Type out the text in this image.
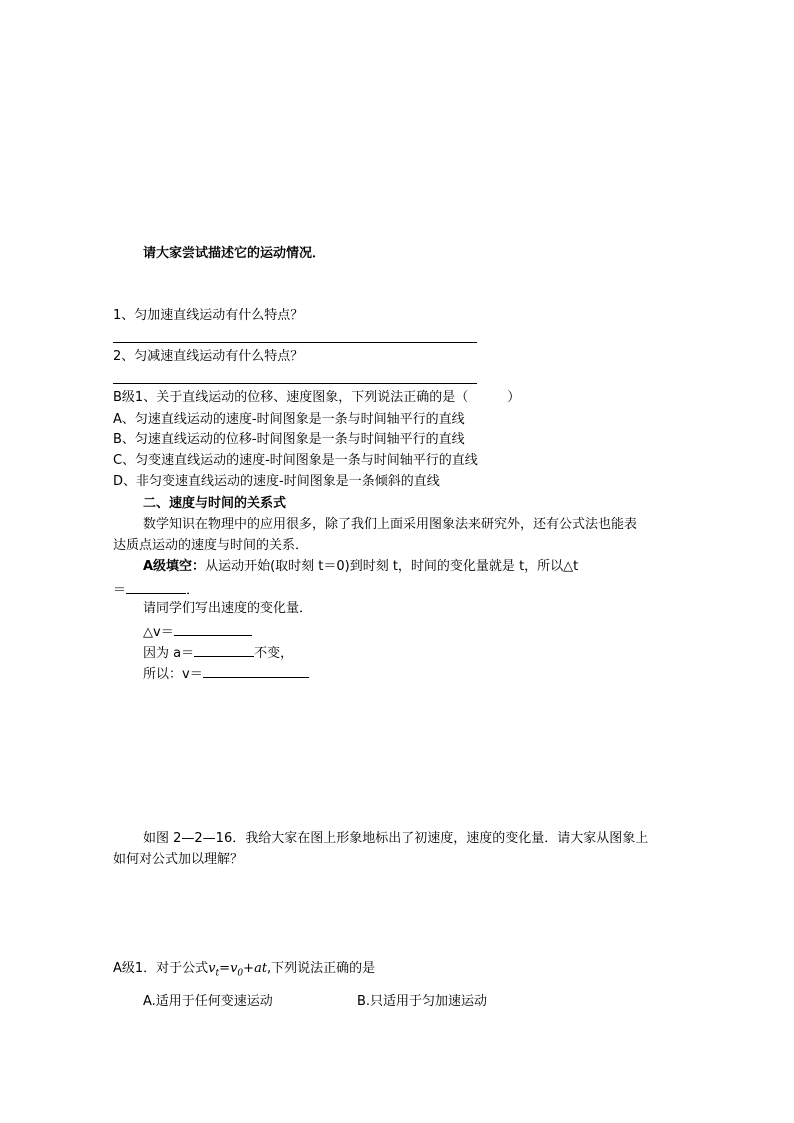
请大家尝试描述它的运动情况．
1、匀加速直线运动有什么特点？
2、匀减速直线运动有什么特点？
B级1、关于直线运动的位移、速度图象，下列说法正确的是（　　　）
A、匀速直线运动的速度-时间图象是一条与时间轴平行的直线
B、匀速直线运动的位移-时间图象是一条与时间轴平行的直线
C、匀变速直线运动的速度-时间图象是一条与时间轴平行的直线
D、非匀变速直线运动的速度-时间图象是一条倾斜的直线
二、速度与时间的关系式
数学知识在物理中的应用很多，除了我们上面采用图象法来研究外，还有公式法也能表
达质点运动的速度与时间的关系．
A级填空：从运动开始(取时刻 t＝0)到时刻 t，时间的变化量就是 t，所以△t
＝	．
请同学们写出速度的变化量．
△v＝
因为 a＝	不变，
所以：v＝
如图 2—2—16．我给大家在图上形象地标出了初速度，速度的变化量．请大家从图象上
如何对公式加以理解？
A级1．对于公式$v_t=v_0+at$,下列说法正确的是
A.适用于任何变速运动	B.只适用于匀加速运动
